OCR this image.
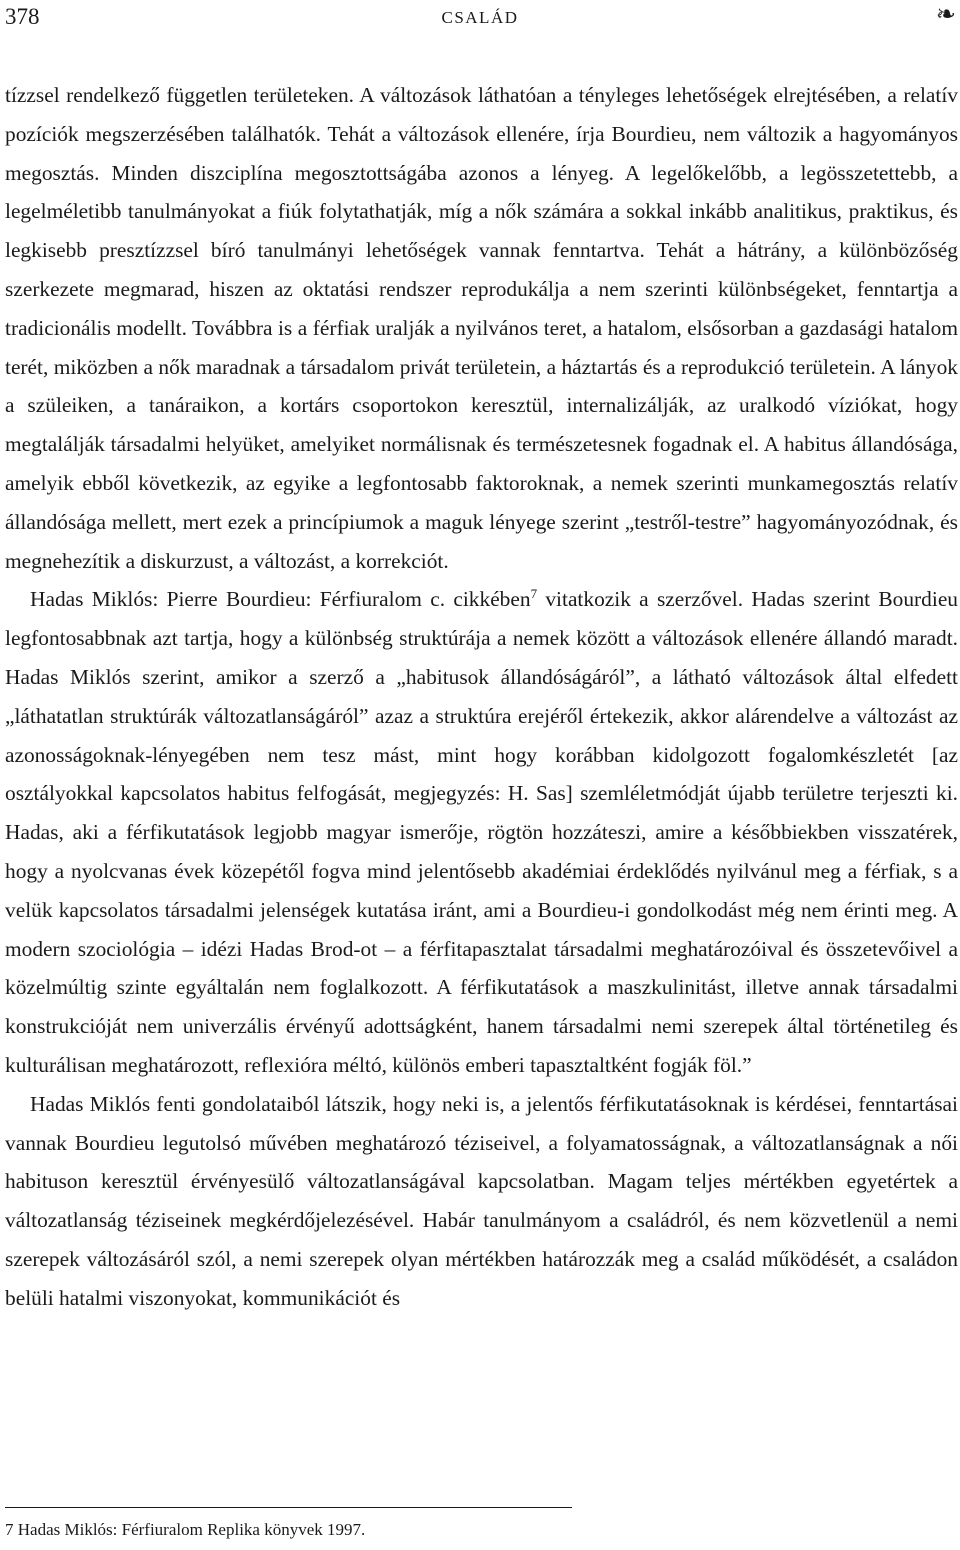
378	CSALÁD	❧

tízzsel rendelkező független területeken. A változások láthatóan a tényleges lehetőségek elrejtésében, a relatív pozíciók megszerzésében találhatók. Tehát a változások ellenére, írja Bourdieu, nem változik a hagyományos megosztás. Minden diszciplína megosztottságába azonos a lényeg. A legelőkelőbb, a legösszetettebb, a legelméletibb tanulmányokat a fiúk folytathatják, míg a nők számára a sokkal inkább analitikus, praktikus, és legkisebb presztízzsel bíró tanulmányi lehetőségek vannak fenntartva. Tehát a hátrány, a különbözőség szerkezete megmarad, hiszen az oktatási rendszer reprodukálja a nem szerinti különbségeket, fenntartja a tradicionális modellt. Továbbra is a férfiak uralják a nyilvános teret, a hatalom, elsősorban a gazdasági hatalom terét, miközben a nők maradnak a társadalom privát területein, a háztartás és a reprodukció területein. A lányok a szüleiken, a tanáraikon, a kortárs csoportokon keresztül, internalizálják, az uralkodó víziókat, hogy megtalálják társadalmi helyüket, amelyiket normálisnak és természetesnek fogadnak el. A habitus állandósága, amelyik ebből következik, az egyike a legfontosabb faktoroknak, a nemek szerinti munkamegosztás relatív állandósága mellett, mert ezek a princípiumok a maguk lényege szerint „testről-testre” hagyományozódnak, és megnehezítik a diskurzust, a változást, a korrekciót.

Hadas Miklós: Pierre Bourdieu: Férfiuralom c. cikkében$^7$ vitatkozik a szerzővel. Hadas szerint Bourdieu legfontosabbnak azt tartja, hogy a különbség struktúrája a nemek között a változások ellenére állandó maradt. Hadas Miklós szerint, amikor a szerző a „habitusok állandóságáról”, a látható változások által elfedett „láthatatlan struktúrák változatlanságáról” azaz a struktúra erejéről értekezik, akkor alárendelve a változást az azonosságoknak-lényegében nem tesz mást, mint hogy korábban kidolgozott fogalomkészletét [az osztályokkal kapcsolatos habitus felfogását, megjegyzés: H. Sas] szemléletmódját újabb területre terjeszti ki. Hadas, aki a férfikutatások legjobb magyar ismerője, rögtön hozzáteszi, amire a későbbiekben visszatérek, hogy a nyolcvanas évek közepétől fogva mind jelentősebb akadémiai érdeklődés nyilvánul meg a férfiak, s a velük kapcsolatos társadalmi jelenségek kutatása iránt, ami a Bourdieu-i gondolkodást még nem érinti meg. A modern szociológia – idézi Hadas Brod-ot – a férfitapasztalat társadalmi meghatározóival és összetevőivel a közelmúltig szinte egyáltalán nem foglalkozott. A férfikutatások a maszkulinitást, illetve annak társadalmi konstrukcióját nem univerzális érvényű adottságként, hanem társadalmi nemi szerepek által történetileg és kulturálisan meghatározott, reflexióra méltó, különös emberi tapasztaltként fogják föl.”

Hadas Miklós fenti gondolataiból látszik, hogy neki is, a jelentős férfikutatásoknak is kérdései, fenntartásai vannak Bourdieu legutolsó művében meghatározó téziseivel, a folyamatosságnak, a változatlanságnak a női habituson keresztül érvényesülő változatlanságával kapcsolatban. Magam teljes mértékben egyetértek a változatlanság téziseinek megkérdőjelezésével. Habár tanulmányom a családról, és nem közvetlenül a nemi szerepek változásáról szól, a nemi szerepek olyan mértékben határozzák meg a család működését, a családon belüli hatalmi viszonyokat, kommunikációt és

7 Hadas Miklós: Férfiuralom Replika könyvek 1997.
